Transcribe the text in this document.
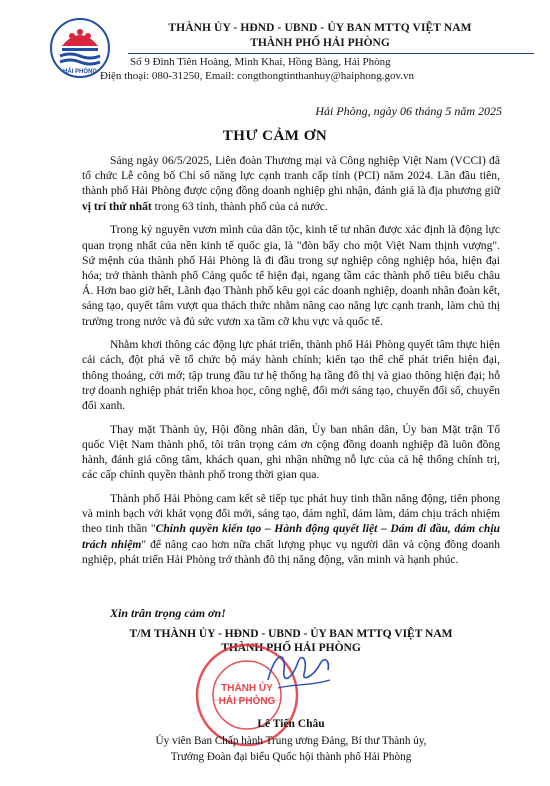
HẢI PHÒNG
THÀNH ỦY - HĐND - UBND - ỦY BAN MTTQ VIỆT NAM
THÀNH PHỐ HẢI PHÒNG
Số 9 Đinh Tiên Hoàng, Minh Khai, Hồng Bàng, Hải Phòng
Điện thoại: 080-31250, Email: congthongtinthanhuy@haiphong.gov.vn
Hải Phòng, ngày 06 tháng 5 năm 2025
THƯ CẢM ƠN

Sáng ngày 06/5/2025, Liên đoàn Thương mại và Công nghiệp Việt Nam (VCCI) đã tổ chức Lễ công bố Chỉ số năng lực cạnh tranh cấp tỉnh (PCI) năm 2024. Lần đầu tiên, thành phố Hải Phòng được cộng đồng doanh nghiệp ghi nhận, đánh giá là địa phương giữ vị trí thứ nhất trong 63 tỉnh, thành phố của cả nước.

Trong kỷ nguyên vươn mình của dân tộc, kinh tế tư nhân được xác định là động lực quan trọng nhất của nền kinh tế quốc gia, là "đòn bẩy cho một Việt Nam thịnh vượng". Sứ mệnh của thành phố Hải Phòng là đi đầu trong sự nghiệp công nghiệp hóa, hiện đại hóa; trở thành thành phố Cảng quốc tế hiện đại, ngang tầm các thành phố tiêu biểu châu Á. Hơn bao giờ hết, Lãnh đạo Thành phố kêu gọi các doanh nghiệp, doanh nhân đoàn kết, sáng tạo, quyết tâm vượt qua thách thức nhằm nâng cao năng lực cạnh tranh, làm chủ thị trường trong nước và đủ sức vươn xa tầm cỡ khu vực và quốc tế.

Nhằm khơi thông các động lực phát triển, thành phố Hải Phòng quyết tâm thực hiện cải cách, đột phá về tổ chức bộ máy hành chính; kiến tạo thể chế phát triển hiện đại, thông thoáng, cởi mở; tập trung đầu tư hệ thống hạ tầng đô thị và giao thông hiện đại; hỗ trợ doanh nghiệp phát triển khoa học, công nghệ, đổi mới sáng tạo, chuyển đổi số, chuyển đổi xanh.

Thay mặt Thành ủy, Hội đồng nhân dân, Ủy ban nhân dân, Ủy ban Mặt trận Tổ quốc Việt Nam thành phố, tôi trân trọng cảm ơn cộng đồng doanh nghiệp đã luôn đồng hành, đánh giá công tâm, khách quan, ghi nhận những nỗ lực của cả hệ thống chính trị, các cấp chính quyền thành phố trong thời gian qua.

Thành phố Hải Phòng cam kết sẽ tiếp tục phát huy tinh thần năng động, tiên phong và minh bạch với khát vọng đổi mới, sáng tạo, dám nghĩ, dám làm, dám chịu trách nhiệm theo tinh thần "Chính quyền kiến tạo – Hành động quyết liệt – Dám đi đầu, dám chịu trách nhiệm" để nâng cao hơn nữa chất lượng phục vụ người dân và cộng đồng doanh nghiệp, phát triển Hải Phòng trở thành đô thị năng động, văn minh và hạnh phúc.

Xin trân trọng cảm ơn!
T/M THÀNH ỦY - HĐND - UBND - ỦY BAN MTTQ VIỆT NAM
THÀNH PHỐ HẢI PHÒNG
THÀNH ỦY
HẢI PHÒNG
Lê Tiến Châu
Ủy viên Ban Chấp hành Trung ương Đảng, Bí thư Thành ủy,
Trưởng Đoàn đại biểu Quốc hội thành phố Hải Phòng
